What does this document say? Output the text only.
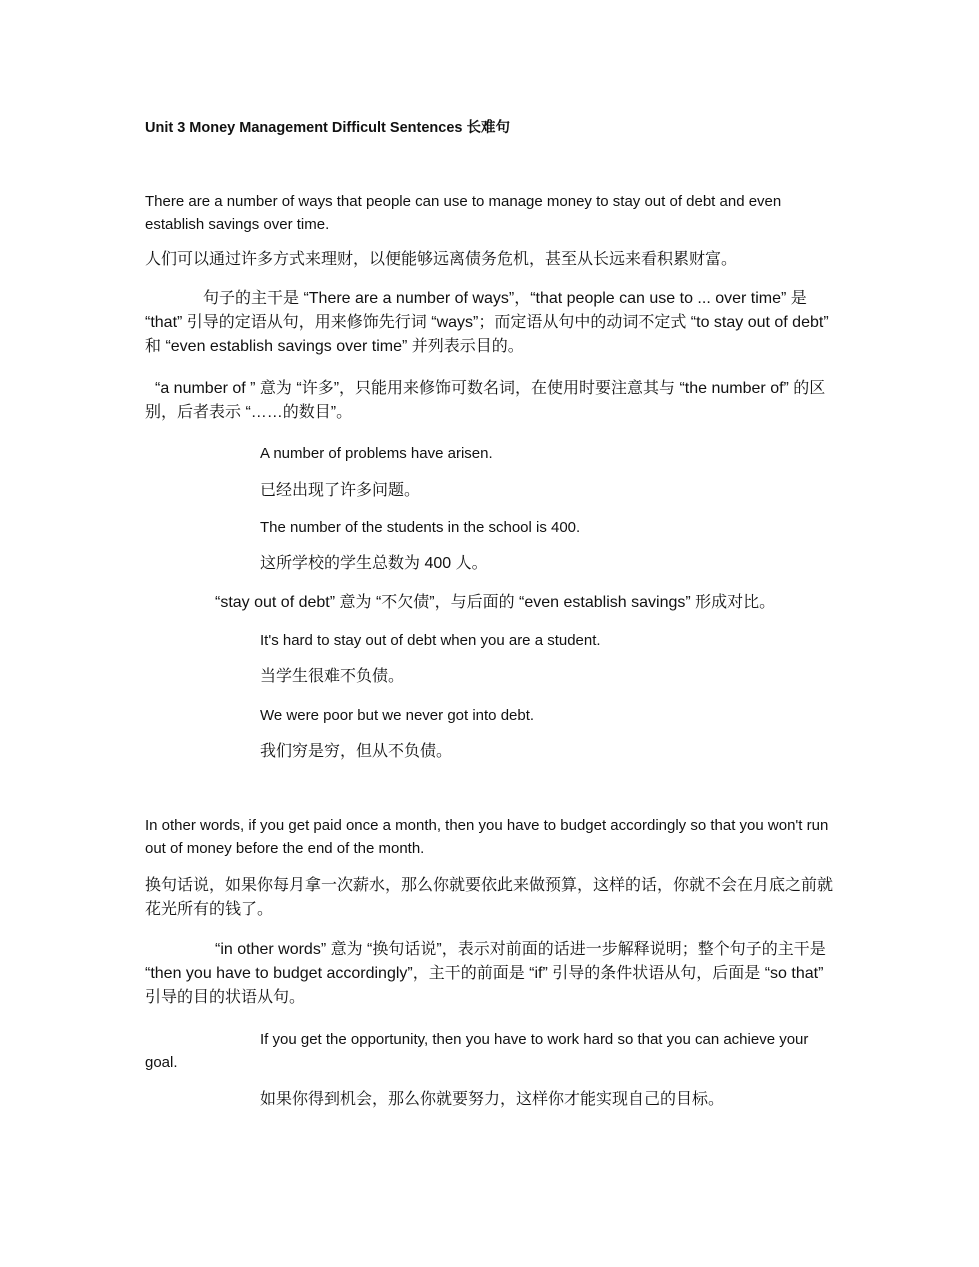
Unit 3 Money Management Difficult Sentences 长难句
There are a number of ways that people can use to manage money to stay out of debt and even establish savings over time.
人们可以通过许多方式来理财，以便能够远离债务危机，甚至从长远来看积累财富。
句子的主干是 “There are a number of ways”，“that people can use to ... over time” 是 “that” 引导的定语从句，用来修饰先行词 “ways”；而定语从句中的动词不定式 “to stay out of debt” 和 “even establish savings over time” 并列表示目的。
“a number of ” 意为 “许多”，只能用来修饰可数名词，在使用时要注意其与 “the number of” 的区别，后者表示 “……的数目”。
A number of problems have arisen.
已经出现了许多问题。
The number of the students in the school is 400.
这所学校的学生总数为 400 人。
“stay out of debt” 意为 “不欠债”，与后面的 “even establish savings” 形成对比。
It's hard to stay out of debt when you are a student.
当学生很难不负债。
We were poor but we never got into debt.
我们穷是穷，但从不负债。
In other words, if you get paid once a month, then you have to budget accordingly so that you won't run out of money before the end of the month.
换句话说，如果你每月拿一次薪水，那么你就要依此来做预算，这样的话，你就不会在月底之前就花光所有的钱了。
“in other words” 意为 “换句话说”，表示对前面的话进一步解释说明；整个句子的主干是 “then you have to budget accordingly”，主干的前面是 “if” 引导的条件状语从句，后面是 “so that” 引导的目的状语从句。
If you get the opportunity, then you have to work hard so that you can achieve your goal.
如果你得到机会，那么你就要努力，这样你才能实现自己的目标。
